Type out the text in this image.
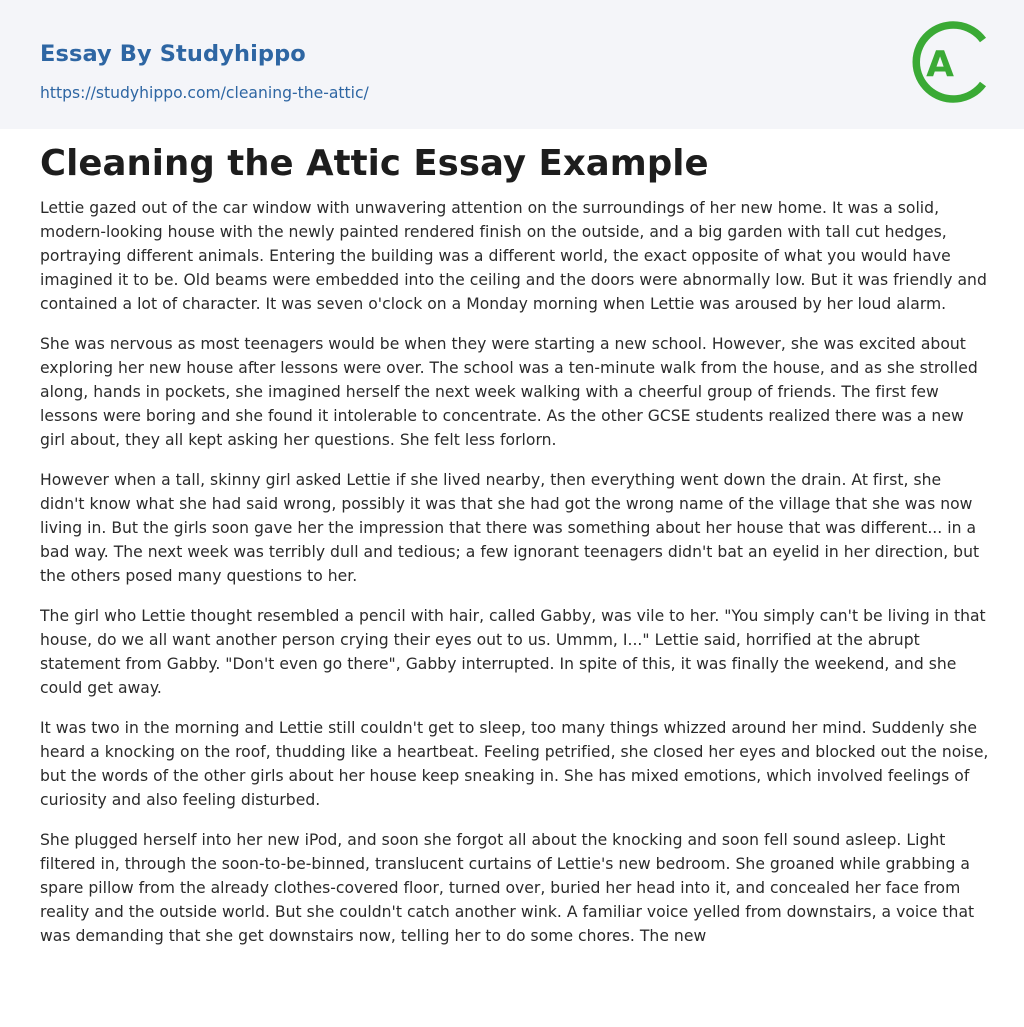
Essay By Studyhippo
https://studyhippo.com/cleaning-the-attic/
A
Cleaning the Attic Essay Example

Lettie gazed out of the car window with unwavering attention on the surroundings of her new home. It was a solid, modern-looking house with the newly painted rendered finish on the outside, and a big garden with tall cut hedges, portraying different animals. Entering the building was a different world, the exact opposite of what you would have imagined it to be. Old beams were embedded into the ceiling and the doors were abnormally low. But it was friendly and contained a lot of character. It was seven o'clock on a Monday morning when Lettie was aroused by her loud alarm.

She was nervous as most teenagers would be when they were starting a new school. However, she was excited about exploring her new house after lessons were over. The school was a ten-minute walk from the house, and as she strolled along, hands in pockets, she imagined herself the next week walking with a cheerful group of friends. The first few lessons were boring and she found it intolerable to concentrate. As the other GCSE students realized there was a new girl about, they all kept asking her questions. She felt less forlorn.

However when a tall, skinny girl asked Lettie if she lived nearby, then everything went down the drain. At first, she didn't know what she had said wrong, possibly it was that she had got the wrong name of the village that she was now living in. But the girls soon gave her the impression that there was something about her house that was different... in a bad way. The next week was terribly dull and tedious; a few ignorant teenagers didn't bat an eyelid in her direction, but the others posed many questions to her.

The girl who Lettie thought resembled a pencil with hair, called Gabby, was vile to her. "You simply can't be living in that house, do we all want another person crying their eyes out to us. Ummm, I..." Lettie said, horrified at the abrupt statement from Gabby. "Don't even go there", Gabby interrupted. In spite of this, it was finally the weekend, and she could get away.

It was two in the morning and Lettie still couldn't get to sleep, too many things whizzed around her mind. Suddenly she heard a knocking on the roof, thudding like a heartbeat. Feeling petrified, she closed her eyes and blocked out the noise, but the words of the other girls about her house keep sneaking in. She has mixed emotions, which involved feelings of curiosity and also feeling disturbed.

She plugged herself into her new iPod, and soon she forgot all about the knocking and soon fell sound asleep. Light filtered in, through the soon-to-be-binned, translucent curtains of Lettie's new bedroom. She groaned while grabbing a spare pillow from the already clothes-covered floor, turned over, buried her head into it, and concealed her face from reality and the outside world. But she couldn't catch another wink. A familiar voice yelled from downstairs, a voice that was demanding that she get downstairs now, telling her to do some chores. The new
